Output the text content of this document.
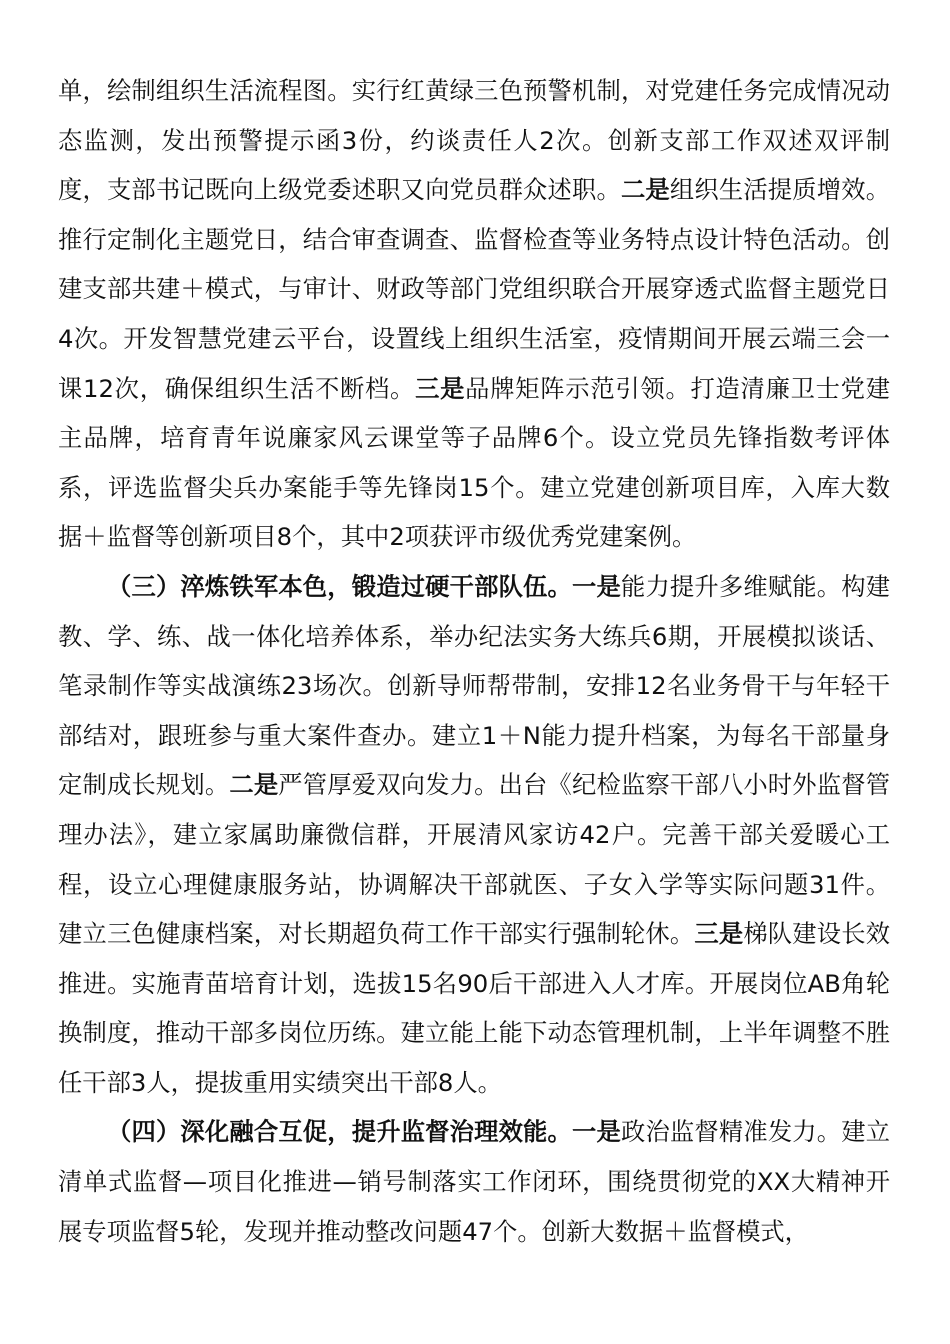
单，绘制组织生活流程图。实行红黄绿三色预警机制，对党建任务完成情况动态监测，发出预警提示函3份，约谈责任人2次。创新支部工作双述双评制度，支部书记既向上级党委述职又向党员群众述职。二是组织生活提质增效。推行定制化主题党日，结合审查调查、监督检查等业务特点设计特色活动。创建支部共建＋模式，与审计、财政等部门党组织联合开展穿透式监督主题党日4次。开发智慧党建云平台，设置线上组织生活室，疫情期间开展云端三会一课12次，确保组织生活不断档。三是品牌矩阵示范引领。打造清廉卫士党建主品牌，培育青年说廉家风云课堂等子品牌6个。设立党员先锋指数考评体系，评选监督尖兵办案能手等先锋岗15个。建立党建创新项目库，入库大数据＋监督等创新项目8个，其中2项获评市级优秀党建案例。

（三）淬炼铁军本色，锻造过硬干部队伍。一是能力提升多维赋能。构建教、学、练、战一体化培养体系，举办纪法实务大练兵6期，开展模拟谈话、笔录制作等实战演练23场次。创新导师帮带制，安排12名业务骨干与年轻干部结对，跟班参与重大案件查办。建立1＋N能力提升档案，为每名干部量身定制成长规划。二是严管厚爱双向发力。出台《纪检监察干部八小时外监督管理办法》，建立家属助廉微信群，开展清风家访42户。完善干部关爱暖心工程，设立心理健康服务站，协调解决干部就医、子女入学等实际问题31件。建立三色健康档案，对长期超负荷工作干部实行强制轮休。三是梯队建设长效推进。实施青苗培育计划，选拔15名90后干部进入人才库。开展岗位AB角轮换制度，推动干部多岗位历练。建立能上能下动态管理机制，上半年调整不胜任干部3人，提拔重用实绩突出干部8人。

（四）深化融合互促，提升监督治理效能。一是政治监督精准发力。建立清单式监督—项目化推进—销号制落实工作闭环，围绕贯彻党的XX大精神开展专项监督5轮，发现并推动整改问题47个。创新大数据＋监督模式，
